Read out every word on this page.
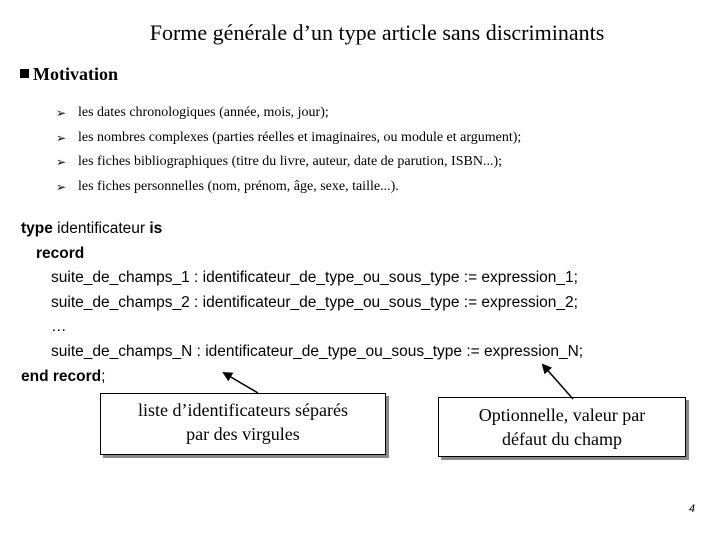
Forme générale d’un type article sans discriminants
Motivation
➢ les dates chronologiques (année, mois, jour);
➢ les nombres complexes (parties réelles et imaginaires, ou module et argument);
➢ les fiches bibliographiques (titre du livre, auteur, date de parution, ISBN...);
➢ les fiches personnelles (nom, prénom, âge, sexe, taille...).
type identificateur is
record
suite_de_champs_1 : identificateur_de_type_ou_sous_type := expression_1;
suite_de_champs_2 : identificateur_de_type_ou_sous_type := expression_2;
…
suite_de_champs_N : identificateur_de_type_ou_sous_type := expression_N;
end record;
liste d’identificateurs séparés
par des virgules
Optionnelle, valeur par
défaut du champ
4
